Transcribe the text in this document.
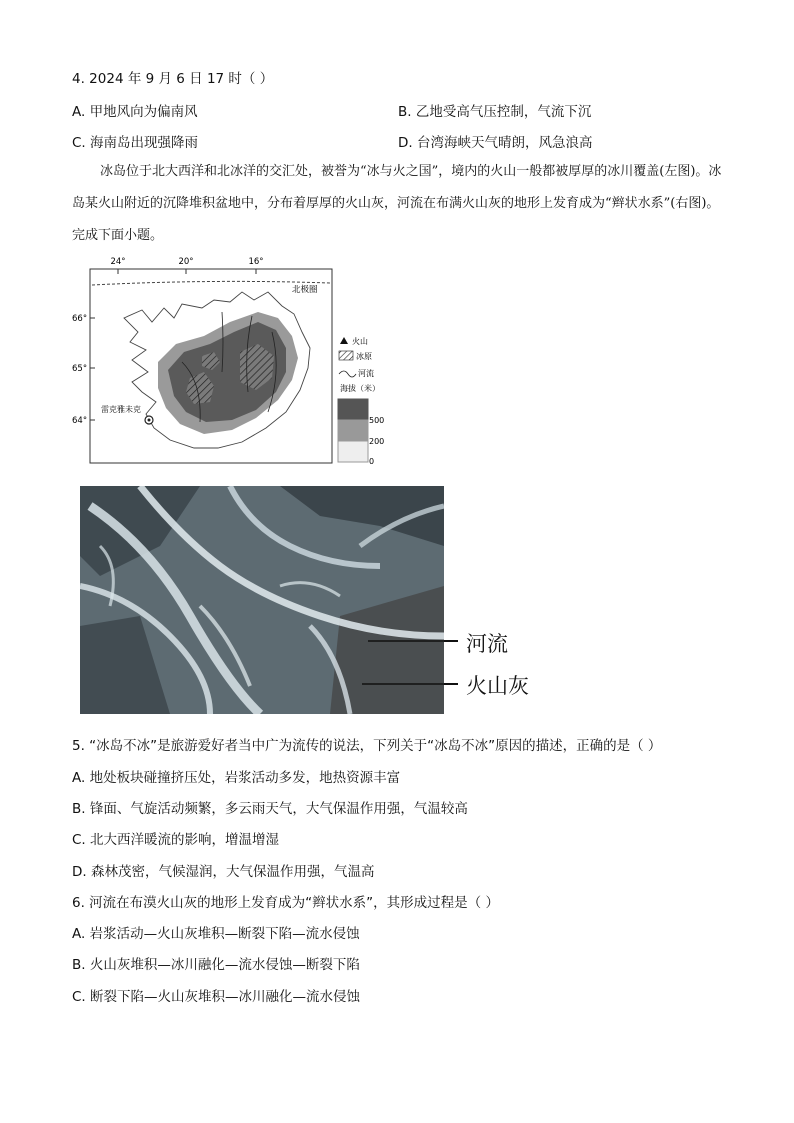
4. 2024 年 9 月 6 日 17 时（ ）
A. 甲地风向为偏南风	B. 乙地受高气压控制，气流下沉
C. 海南岛出现强降雨	D. 台湾海峡天气晴朗，风急浪高
冰岛位于北大西洋和北冰洋的交汇处，被誉为“冰与火之国”，境内的火山一般都被厚厚的冰川覆盖(左图)。冰岛某火山附近的沉降堆积盆地中，分布着厚厚的火山灰，河流在布满火山灰的地形上发育成为“辫状水系”(右图)。完成下面小题。
24°	20°	16°
66°
65°
64°
北极圈
雷克雅未克
火山
冰原
河流
海拔（米）
500
200
0
河流
火山灰
5. “冰岛不冰”是旅游爱好者当中广为流传的说法，下列关于“冰岛不冰”原因的描述，正确的是（ ）
A. 地处板块碰撞挤压处，岩浆活动多发，地热资源丰富
B. 锋面、气旋活动频繁，多云雨天气，大气保温作用强，气温较高
C. 北大西洋暖流的影响，增温增湿
D. 森林茂密，气候湿润，大气保温作用强，气温高
6. 河流在布漠火山灰的地形上发育成为“辫状水系”，其形成过程是（ ）
A. 岩浆活动—火山灰堆积—断裂下陷—流水侵蚀
B. 火山灰堆积—冰川融化—流水侵蚀—断裂下陷
C. 断裂下陷—火山灰堆积—冰川融化—流水侵蚀
